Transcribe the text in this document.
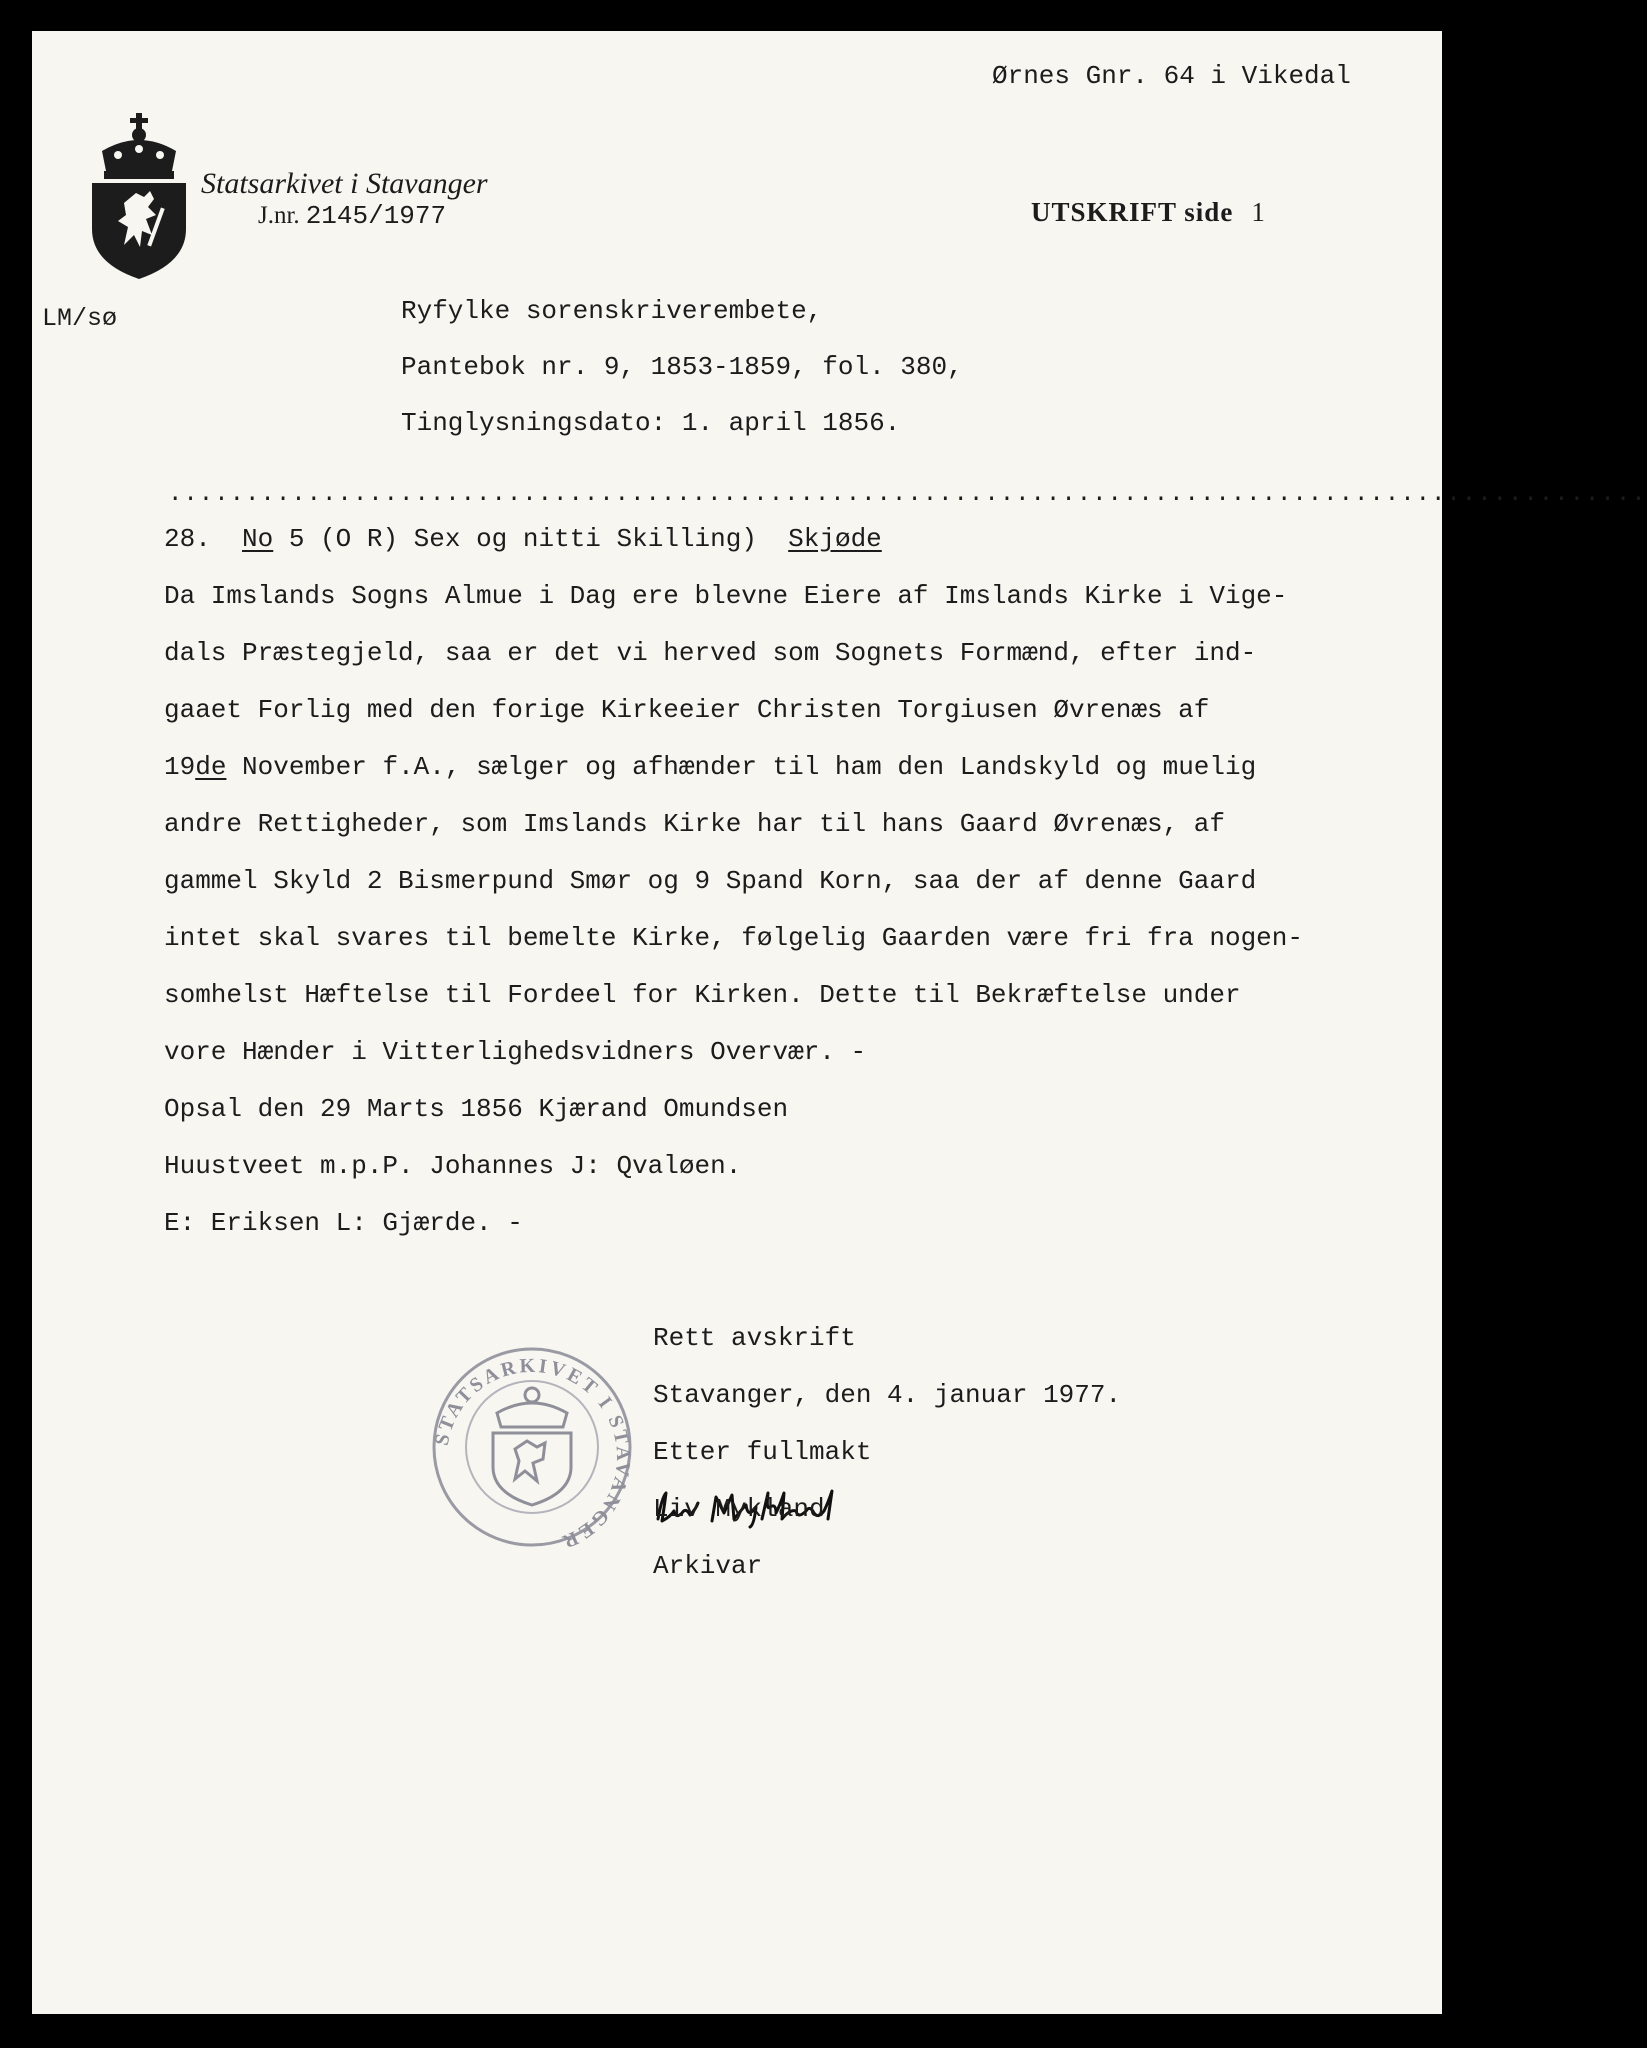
Ørnes Gnr. 64 i Vikedal
Statsarkivet i Stavanger
J.nr. 2145/1977	UTSKRIFT side 1
LM/sø	Ryfylke sorenskriverembete,
Pantebok nr. 9, 1853-1859, fol. 380,
Tinglysningsdato: 1. april 1856.
................................................................................................
28. No 5 (O R) Sex og nitti Skilling) Skjøde
Da Imslands Sogns Almue i Dag ere blevne Eiere af Imslands Kirke i Vige-
dals Præstegjeld, saa er det vi herved som Sognets Formænd, efter ind-
gaaet Forlig med den forige Kirkeeier Christen Torgiusen Øvrenæs af
19de November f.A., sælger og afhænder til ham den Landskyld og muelig
andre Rettigheder, som Imslands Kirke har til hans Gaard Øvrenæs, af
gammel Skyld 2 Bismerpund Smør og 9 Spand Korn, saa der af denne Gaard
intet skal svares til bemelte Kirke, følgelig Gaarden være fri fra nogen-
somhelst Hæftelse til Fordeel for Kirken. Dette til Bekræftelse under
vore Hænder i Vitterlighedsvidners Overvær. -
Opsal den 29 Marts 1856 Kjærand Omundsen
Huustveet m.p.P. Johannes J: Qvaløen.
E: Eriksen L: Gjærde. -
STATSARKIVET I STAVANGER
Rett avskrift
Stavanger, den 4. januar 1977.
Etter fullmakt
Liv Mykland
Arkivar
